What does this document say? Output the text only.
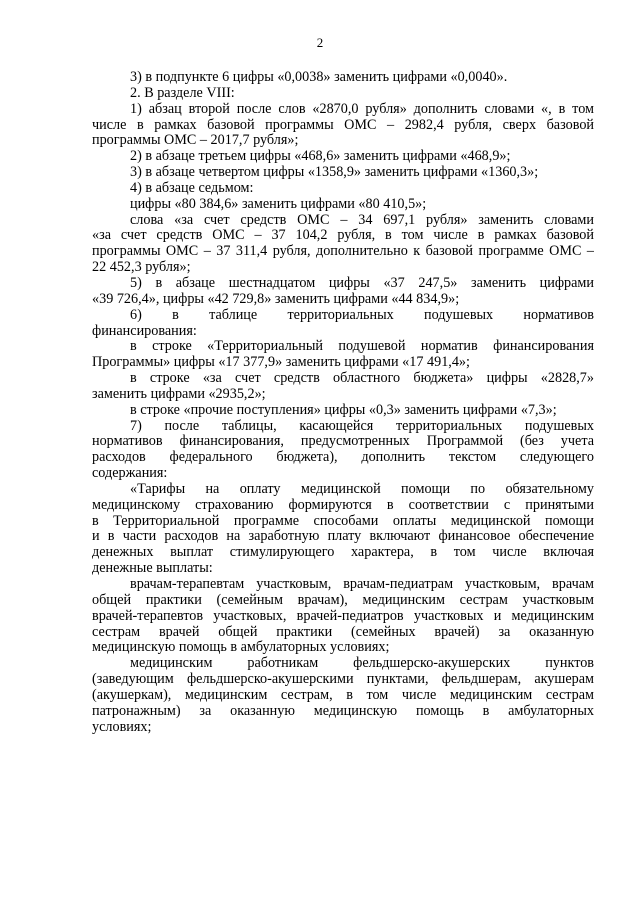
2
3) в подпункте 6 цифры «0,0038» заменить цифрами «0,0040».
2. В разделе VIII:
1) абзац второй после слов «2870,0 рубля» дополнить словами «, в том
числе в рамках базовой программы ОМС – 2982,4 рубля, сверх базовой
программы ОМС – 2017,7 рубля»;
2) в абзаце третьем цифры «468,6» заменить цифрами «468,9»;
3) в абзаце четвертом цифры «1358,9» заменить цифрами «1360,3»;
4) в абзаце седьмом:
цифры «80 384,6» заменить цифрами «80 410,5»;
слова «за счет средств ОМС – 34 697,1 рубля» заменить словами
«за счет средств ОМС – 37 104,2 рубля, в том числе в рамках базовой
программы ОМС – 37 311,4 рубля, дополнительно к базовой программе ОМС –
22 452,3 рубля»;
5) в абзаце шестнадцатом цифры «37 247,5» заменить цифрами
«39 726,4», цифры «42 729,8» заменить цифрами «44 834,9»;
6) в таблице территориальных подушевых нормативов
финансирования:
в строке «Территориальный подушевой норматив финансирования
Программы» цифры «17 377,9» заменить цифрами «17 491,4»;
в строке «за счет средств областного бюджета» цифры «2828,7»
заменить цифрами «2935,2»;
в строке «прочие поступления» цифры «0,3» заменить цифрами «7,3»;
7) после таблицы, касающейся территориальных подушевых
нормативов финансирования, предусмотренных Программой (без учета
расходов федерального бюджета), дополнить текстом следующего
содержания:
«Тарифы на оплату медицинской помощи по обязательному
медицинскому страхованию формируются в соответствии с принятыми
в Территориальной программе способами оплаты медицинской помощи
и в части расходов на заработную плату включают финансовое обеспечение
денежных выплат стимулирующего характера, в том числе включая
денежные выплаты:
врачам-терапевтам участковым, врачам-педиатрам участковым, врачам
общей практики (семейным врачам), медицинским сестрам участковым
врачей-терапевтов участковых, врачей-педиатров участковых и медицинским
сестрам врачей общей практики (семейных врачей) за оказанную
медицинскую помощь в амбулаторных условиях;
медицинским работникам фельдшерско-акушерских пунктов
(заведующим фельдшерско-акушерскими пунктами, фельдшерам, акушерам
(акушеркам), медицинским сестрам, в том числе медицинским сестрам
патронажным) за оказанную медицинскую помощь в амбулаторных
условиях;
